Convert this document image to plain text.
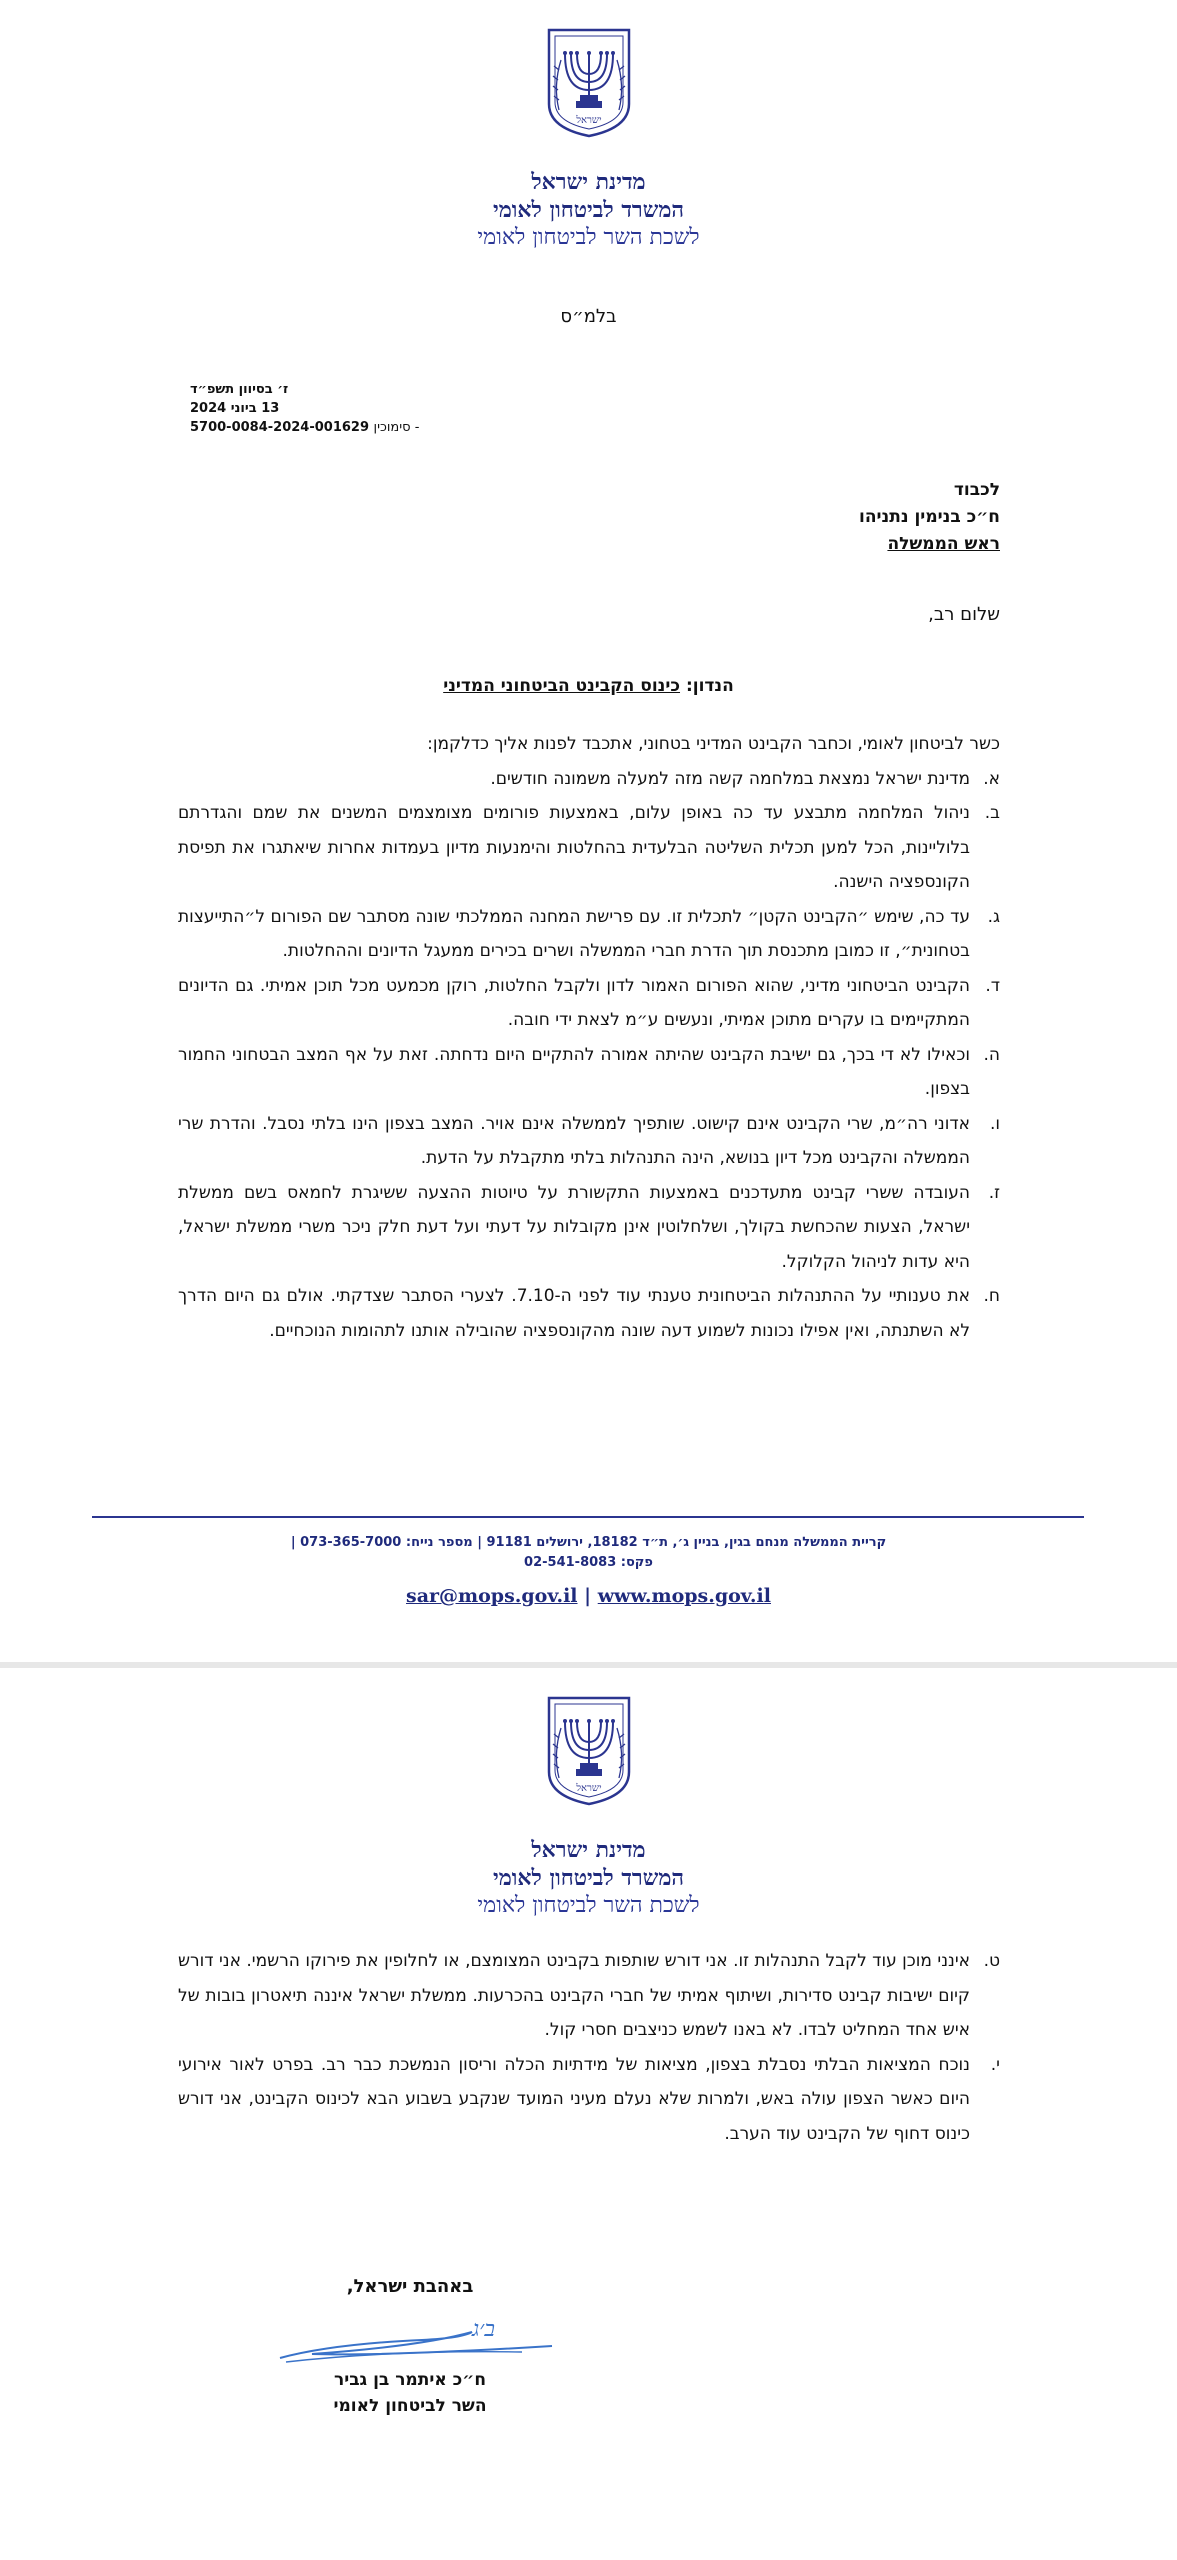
ישראל
מדינת ישראל
המשרד לביטחון לאומי
לשכת השר לביטחון לאומי
בלמ״ס
ז׳ בסיוון תשפ״ד
13 ביוני 2024
5700-0084-2024-001629 סימוכין -
לכבוד
ח״כ בנימין נתניהו
ראש הממשלה
שלום רב,
הנדון: כינוס הקבינט הביטחוני המדיני
כשר לביטחון לאומי, וכחבר הקבינט המדיני בטחוני, אתכבד לפנות אליך כדלקמן:
א.
מדינת ישראל נמצאת במלחמה קשה מזה למעלה משמונה חודשים.
ב.
ניהול המלחמה מתבצע עד כה באופן עלום, באמצעות פורומים מצומצמים המשנים את שמם והגדרתם בלוליינות, הכל למען תכלית השליטה הבלעדית בהחלטות והימנעות מדיון בעמדות אחרות שיאתגרו את תפיסת הקונספציה הישנה.
ג.
עד כה, שימש ״הקבינט הקטן״ לתכלית זו. עם פרישת המחנה הממלכתי שונה מסתבר שם הפורום ל״התייעצות בטחונית״, זו כמובן מתכנסת תוך הדרת חברי הממשלה ושרים בכירים ממעגל הדיונים וההחלטות.
ד.
הקבינט הביטחוני מדיני, שהוא הפורום האמור לדון ולקבל החלטות, רוקן מכמעט מכל תוכן אמיתי. גם הדיונים המתקיימים בו עקרים מתוכן אמיתי, ונעשים ע״מ לצאת ידי חובה.
ה.
וכאילו לא די בכך, גם ישיבת הקבינט שהיתה אמורה להתקיים היום נדחתה. זאת על אף המצב הבטחוני החמור בצפון.
ו.
אדוני רה״מ, שרי הקבינט אינם קישוט. שותפיך לממשלה אינם אויר. המצב בצפון הינו בלתי נסבל. והדרת שרי הממשלה והקבינט מכל דיון בנושא, הינה התנהלות בלתי מתקבלת על הדעת.
ז.
העובדה ששרי קבינט מתעדכנים באמצעות התקשורת על טיוטות ההצעה ששיגרת לחמאס בשם ממשלת ישראל, הצעות שהכחשת בקולך, ושלחלוטין אינן מקובלות על דעתי ועל דעת חלק ניכר משרי ממשלת ישראל, היא עדות לניהול הקלוקל.
ח.
את טענותיי על ההתנהלות הביטחונית טענתי עוד לפני ה-7.10. לצערי הסתבר שצדקתי. אולם גם היום הדרך לא השתנתה, ואין אפילו נכונות לשמוע דעה שונה מהקונספציה שהובילה אותנו לתהומות הנוכחיים.
קריית הממשלה מנחם בגין, בניין ג׳, ת״ד 18182, ירושלים 91181 | מספר נייח: 073-365-7000 |
פקס: 02-541-8083
sar@mops.gov.il | www.mops.gov.il
ישראל
מדינת ישראל
המשרד לביטחון לאומי
לשכת השר לביטחון לאומי
ט.
אינני מוכן עוד לקבל התנהלות זו. אני דורש שותפות בקבינט המצומצם, או לחלופין את פירוקו הרשמי. אני דורש קיום ישיבות קבינט סדירות, ושיתוף אמיתי של חברי הקבינט בהכרעות. ממשלת ישראל איננה תיאטרון בובות של איש אחד המחליט לבדו. לא באנו לשמש כניצבים חסרי קול.
י.
נוכח המציאות הבלתי נסבלת בצפון, מציאות של מידתיות הכלה וריסון הנמשכת כבר רב. בפרט לאור אירועי היום כאשר הצפון עולה באש, ולמרות שלא נעלם מעיני המועד שנקבע בשבוע הבא לכינוס הקבינט, אני דורש כינוס דחוף של הקבינט עוד הערב.
באהבת ישראל,
ב׳ג
ח״כ איתמר בן גביר
השר לביטחון לאומי
